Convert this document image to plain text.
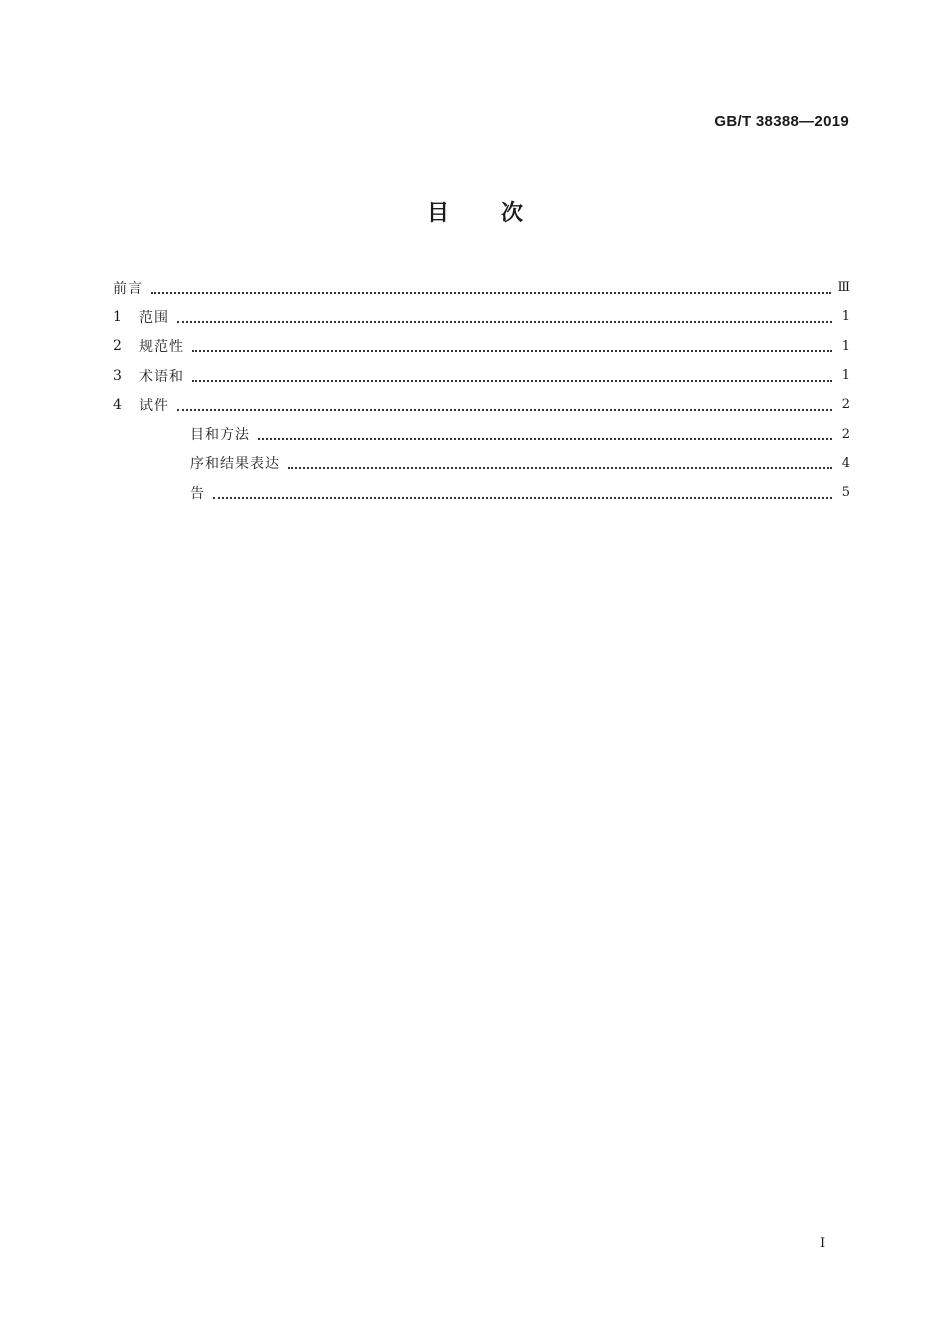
GB/T 38388—2019
目次
前言	Ⅲ
1	范围	1
2	规范性	1
3	术语和	1
4	试件	2
目和方法	2
序和结果表达	4
告	5
I
